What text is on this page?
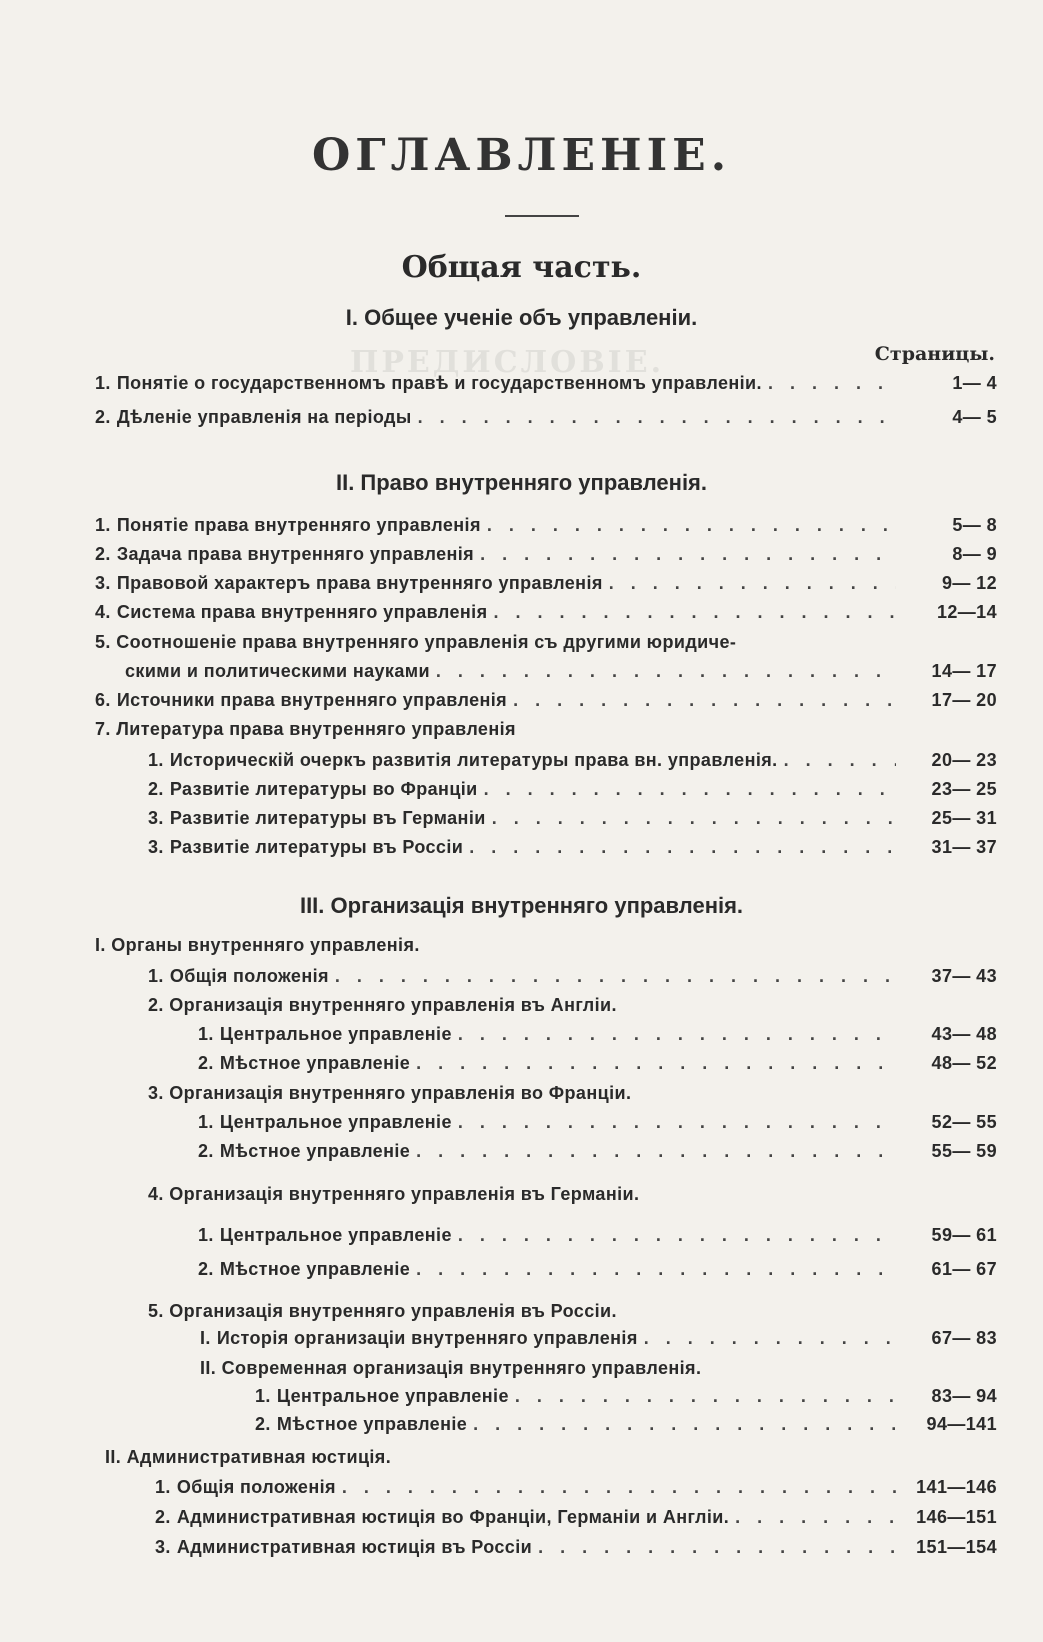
ПРЕДИСЛОВІЕ.
ОГЛАВЛЕНІЕ.
Общая часть.
I. Общее ученіе объ управленіи.
Страницы.
1. Понятіе о государственномъ правѣ и государственномъ управленіи. . . .	1— 4
2. Дѣленіе управленія на періоды . . .	4— 5
II. Право внутренняго управленія.
1. Понятіе права внутренняго управленія . . .	5— 8
2. Задача права внутренняго управленія . . .	8— 9
3. Правовой характеръ права внутренняго управленія . . .	9— 12
4. Система права внутренняго управленія . . .	12—14
5. Соотношеніе права внутренняго управленія съ другими юридиче-
скими и политическими науками . . .	14— 17
6. Источники права внутренняго управленія . . .	17— 20
7. Литература права внутренняго управленія
1. Историческій очеркъ развитія литературы права вн. управленія. . . .	20— 23
2. Развитіе литературы во Франціи . . .	23— 25
3. Развитіе литературы въ Германіи . . .	25— 31
3. Развитіе литературы въ Россіи . . .	31— 37
III. Организація внутренняго управленія.
I. Органы внутренняго управленія.
1. Общія положенія . . .	37— 43
2. Организація внутренняго управленія въ Англіи.
1. Центральное управленіе . . .	43— 48
2. Мѣстное управленіе . . .	48— 52
3. Организація внутренняго управленія во Франціи.
1. Центральное управленіе . . .	52— 55
2. Мѣстное управленіе . . .	55— 59
4. Организація внутренняго управленія въ Германіи.
1. Центральное управленіе . . .	59— 61
2. Мѣстное управленіе . . .	61— 67
5. Организація внутренняго управленія въ Россіи.
I. Исторія организаціи внутренняго управленія . . .	67— 83
II. Современная организація внутренняго управленія.
1. Центральное управленіе . . .	83— 94
2. Мѣстное управленіе . . .	94—141
II. Административная юстиція.
1. Общія положенія . . .	141—146
2. Административная юстиція во Франціи, Германіи и Англіи. . . .	146—151
3. Административная юстиція въ Россіи . . .	151—154
